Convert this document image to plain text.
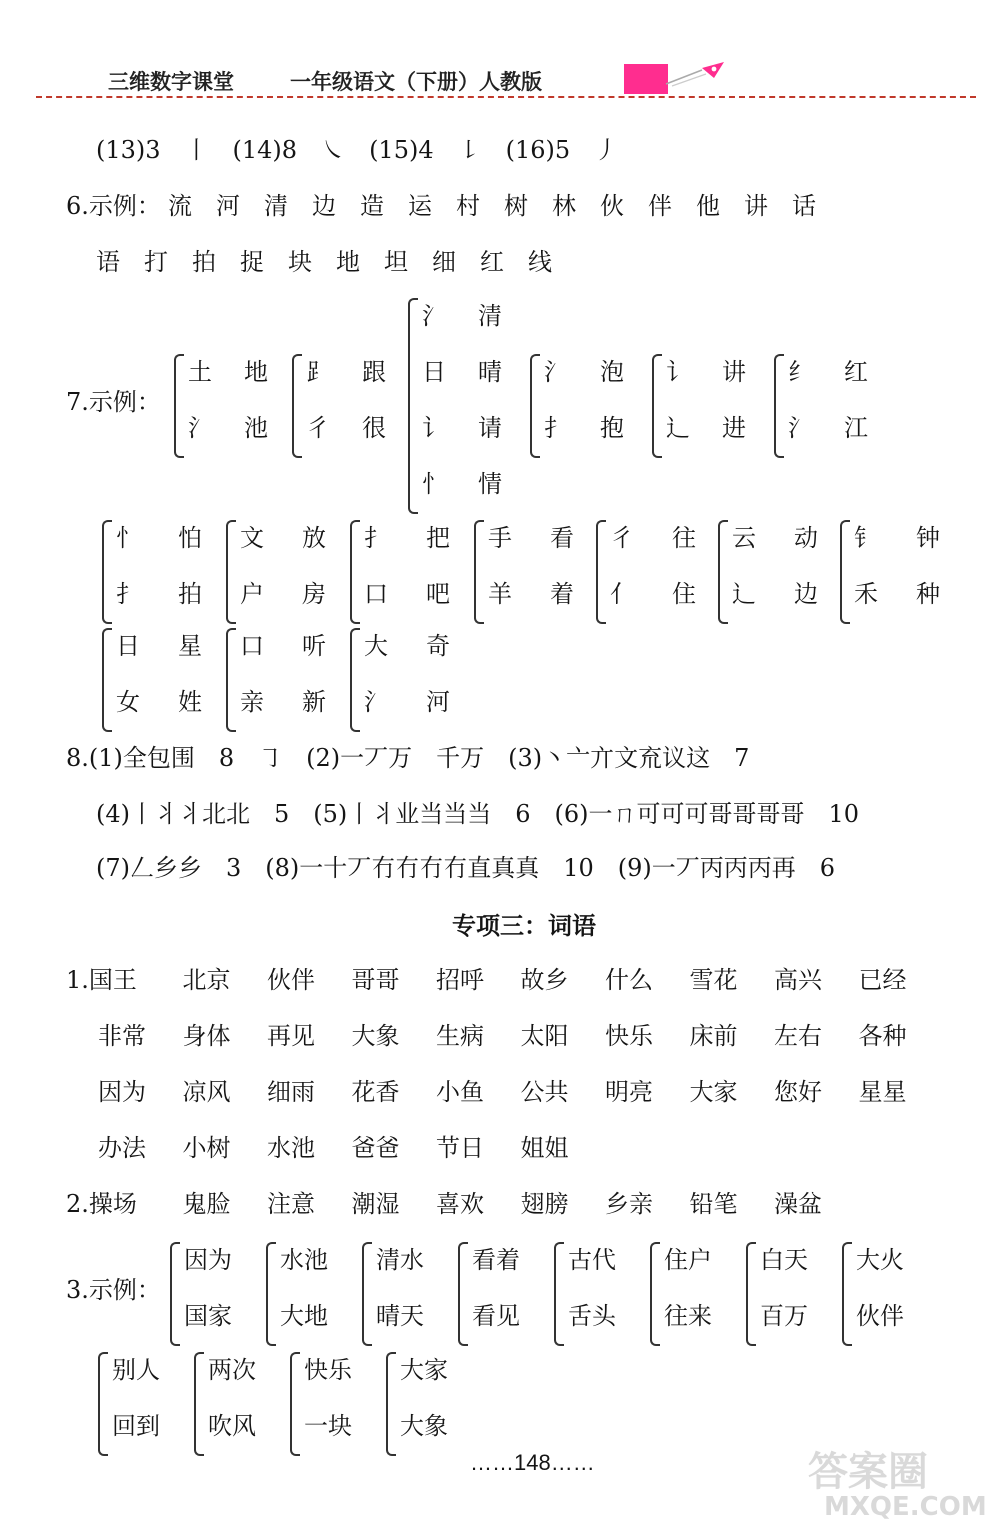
三维数字课堂	一年级语文（下册）人教版
(13)3　丨　(14)8　㇏　(15)4　㇙　(16)5　丿
流　河　清　边　造　运　村　树　林　伙　伴　他　讲　话
6.示例：
语　打　拍　捉　块　地　坦　细　红　线
7.示例：
土 地
氵 池
⻊ 跟
彳 很
氵 清
日 晴
讠 请
忄 情
氵 泡
扌 抱
讠 讲
辶 进
纟 红
氵 江
忄 怕
扌 拍
文 放
户 房
扌 把
口 吧
手 看
羊 着
彳 往
亻 住
云 动
辶 边
钅 钟
禾 种
日 星
女 姓
口 听
亲 新
大 奇
氵 河
8.(1)全包围　8　㇆　(2)一丆万　千万　(3)丶亠亣文㐬议这　7
(4)丨丬丬北北　5　(5)丨丬业当当当　6　(6)一ㄇ可可可哥哥哥哥　10
(7)𠃋乡乡　3　(8)一十丆冇冇冇冇直真真　10　(9)一丆丙丙丙再　6
专项三：词语
1.国王 北京 伙伴 哥哥 招呼 故乡 什么 雪花 高兴 已经
非常 身体 再见 大象 生病 太阳 快乐 床前 左右 各种
因为 凉风 细雨 花香 小鱼 公共 明亮 大家 您好 星星
办法 小树 水池 爸爸 节日 姐姐
2.操场 鬼脸 注意 潮湿 喜欢 翅膀 乡亲 铅笔 澡盆
因为
国家
水池
大地
清水
晴天
看着
看见
古代
舌头
住户
往来
白天
百万
大火
伙伴
别人
回到
两次
吹风
快乐
一块
大家
大象
3.示例：
……148……	答案圈
MXQE.COM
